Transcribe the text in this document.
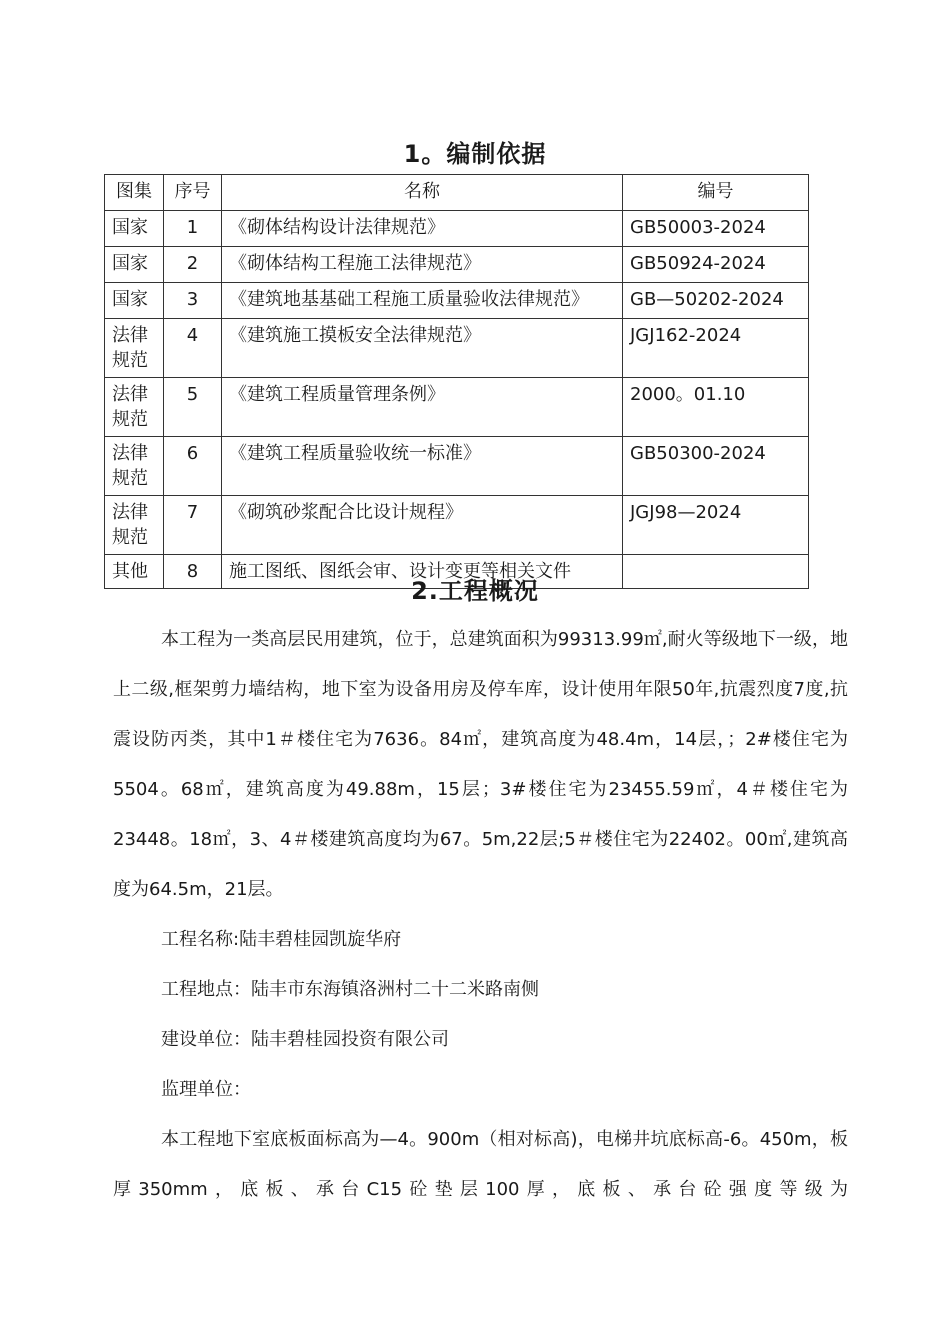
1。编制依据
图集	序号	名称	编号
国家	1	《砌体结构设计法律规范》	GB50003-2024
国家	2	《砌体结构工程施工法律规范》	GB50924-2024
国家	3	《建筑地基基础工程施工质量验收法律规范》	GB—50202-2024
法律规范	4	《建筑施工摸板安全法律规范》	JGJ162-2024
法律规范	5	《建筑工程质量管理条例》	2000。01.10
法律规范	6	《建筑工程质量验收统一标准》	GB50300-2024
法律规范	7	《砌筑砂浆配合比设计规程》	JGJ98—2024
其他	8	施工图纸、图纸会审、设计变更等相关文件	
2.工程概况

本工程为一类高层民用建筑，位于，总建筑面积为99313.99㎡,耐火等级地下一级，地上二级,框架剪力墙结构，地下室为设备用房及停车库，设计使用年限50年,抗震烈度7度,抗震设防丙类，其中1＃楼住宅为7636。84㎡，建筑高度为48.4m，14层，；2#楼住宅为5504。68㎡，建筑高度为49.88m，15层；3#楼住宅为23455.59㎡，4＃楼住宅为23448。18㎡，3、4＃楼建筑高度均为67。5m,22层;5＃楼住宅为22402。00㎡,建筑高度为64.5m，21层。

工程名称:陆丰碧桂园凯旋华府

工程地点：陆丰市东海镇洛洲村二十二米路南侧

建设单位：陆丰碧桂园投资有限公司

监理单位：

本工程地下室底板面标高为—4。900m（相对标高)，电梯井坑底标高-6。450m，板厚350mm，底板、承台C15砼垫层100厚，底板、承台砼强度等级为
